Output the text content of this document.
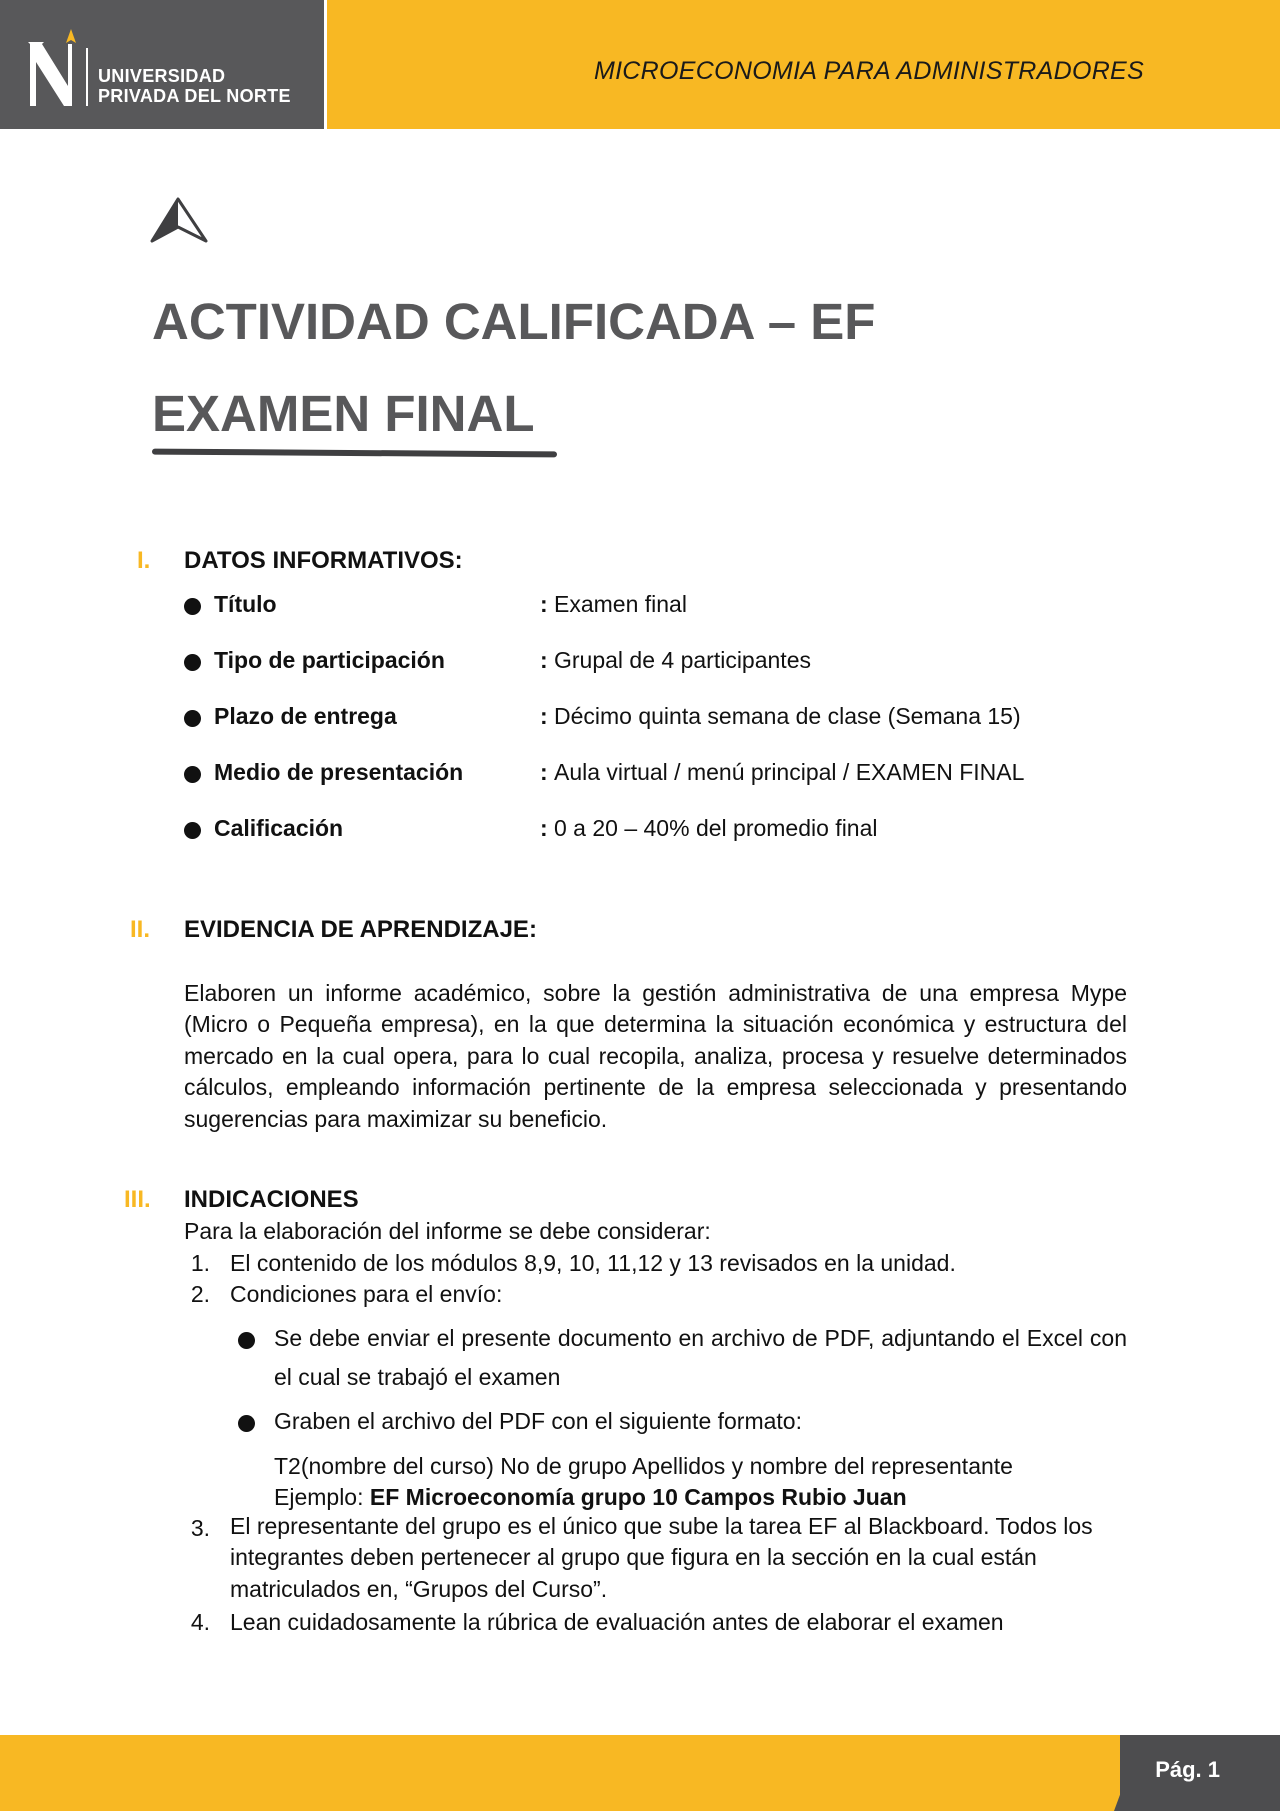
UNIVERSIDAD
PRIVADA DEL NORTE
MICROECONOMIA PARA ADMINISTRADORES
ACTIVIDAD CALIFICADA – EF
EXAMEN FINAL
I. DATOS INFORMATIVOS:
Título	: Examen final
Tipo de participación	: Grupal de 4 participantes
Plazo de entrega	: Décimo quinta semana de clase (Semana 15)
Medio de presentación	: Aula virtual / menú principal / EXAMEN FINAL
Calificación	: 0 a 20 – 40% del promedio final
II. EVIDENCIA DE APRENDIZAJE:
Elaboren un informe académico, sobre la gestión administrativa de una empresa Mype (Micro o Pequeña empresa), en la que determina la situación económica y estructura del mercado en la cual opera, para lo cual recopila, analiza, procesa y resuelve determinados cálculos, empleando información pertinente de la empresa seleccionada y presentando sugerencias para maximizar su beneficio.
III. INDICACIONES
Para la elaboración del informe se debe considerar:
1. El contenido de los módulos 8,9, 10, 11,12 y 13 revisados en la unidad.
2. Condiciones para el envío:
Se debe enviar el presente documento en archivo de PDF, adjuntando el Excel con el cual se trabajó el examen
Graben el archivo del PDF con el siguiente formato:
T2(nombre del curso) No de grupo Apellidos y nombre del representante
Ejemplo: EF Microeconomía grupo 10 Campos Rubio Juan
3. El representante del grupo es el único que sube la tarea EF al Blackboard. Todos los integrantes deben pertenecer al grupo que figura en la sección en la cual están matriculados en, “Grupos del Curso”.
4. Lean cuidadosamente la rúbrica de evaluación antes de elaborar el examen
Pág. 1
